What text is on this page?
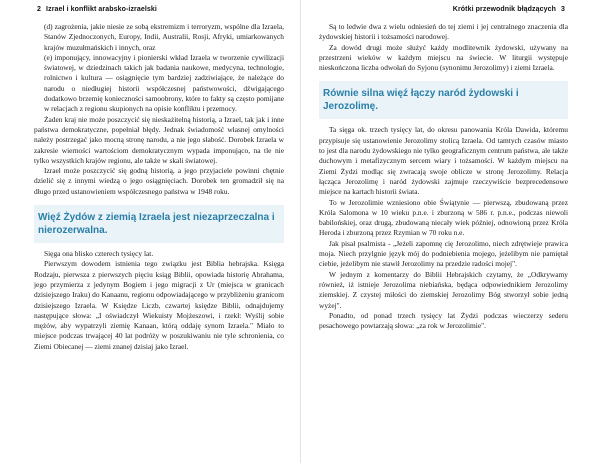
2 Izrael i konflikt arabsko-izraelski

(d) zagrożenia, jakie niesie ze sobą ekstremizm i terroryzm, wspólne dla Izraela, Stanów Zjednoczonych, Europy, Indii, Australii, Rosji, Afryki, umiarkowanych krajów muzułmańskich i innych, oraz

(e) imponujący, innowacyjny i pionierski wkład Izraela w tworzenie cywilizacji światowej, w dziedzinach takich jak badania naukowe, medycyna, technologie, rolnictwo i kultura — osiągnięcie tym bardziej zadziwiające, że należące do narodu o niedługiej historii współczesnej państwowości, dźwigającego dodatkowo brzemię konieczności samoobrony, które to fakty są często pomijane w relacjach z regionu skupionych na opisie konfliktu i przemocy.

Żaden kraj nie może poszczycić się nieskażitelną historią, a Izrael, tak jak i inne państwa demokratyczne, popełniał błędy. Jednak świadomość własnej omylności należy postrzegać jako mocną stronę narodu, a nie jego słabość. Dorobek Izraela w zakresie wierności wartościom demokratycznym wypada imponująco, na tle nie tylko wszystkich krajów regionu, ale także w skali światowej.

Izrael może poszczycić się godną historią, a jego przyjaciele powinni chętnie dzielić się z innymi wiedzą o jego osiągnięciach. Dorobek ten gromadził się na długo przed ustanowieniem współczesnego państwa w 1948 roku.

Więź Żydów z ziemią Izraela jest niezaprzeczalna i nierozerwalna.

Sięga ona blisko czterech tysięcy lat.

Pierwszym dowodem istnienia tego związku jest Biblia hebrajska. Księga Rodzaju, pierwsza z pierwszych pięciu ksiąg Biblii, opowiada historię Abrahama, jego przymierza z jedynym Bogiem i jego migracji z Ur (miejsca w granicach dzisiejszego Iraku) do Kanaanu, regionu odpowiadającego w przybliżeniu granicom dzisiejszego Izraela. W Księdze Liczb, czwartej księdze Biblii, odnajdujemy następujące słowa: „I oświadczył Wiekuisty Mojżeszowi, i rzekł: Wyślij sobie mężów, aby wypatrzyli ziemię Kanaan, którą oddaję synom Izraela." Miało to miejsce podczas trwającej 40 lat podróży w poszukiwaniu nie tyle schronienia, co Ziemi Obiecanej — ziemi znanej dzisiaj jako Izrael.

Krótki przewodnik błądzących 3

Są to ledwie dwa z wielu odniesień do tej ziemi i jej centralnego znaczenia dla żydowskiej historii i tożsamości narodowej.

Za dowód drugi może służyć każdy modlitewnik żydowski, używany na przestrzeni wieków w każdym miejscu na świecie. W liturgii występuje nieskończona liczba odwołań do Syjonu (synonimu Jerozolimy) i ziemi Izraela.

Równie silna więź łączy naród żydowski i Jerozolimę.

Ta sięga ok. trzech tysięcy lat, do okresu panowania Króla Dawida, któremu przypisuje się ustanowienie Jerozolimy stolicą Izraela. Od tamtych czasów miasto to jest dla narodu żydowskiego nie tylko geograficznym centrum państwa, ale także duchowym i metafizycznym sercem wiary i tożsamości. W każdym miejscu na Ziemi Żydzi modląc się zwracają swoje oblicze w stronę Jerozolimy. Relacja łącząca Jerozolimę i naród żydowski zajmuje rzeczywiście bezprecedensowe miejsce na kartach historii świata.

To w Jerozolimie wzniesiono obie Świątynie — pierwszą, zbudowaną przez Króla Salomona w 10 wieku p.n.e. i zburzoną w 586 r. p.n.e., podczas niewoli babilońskiej, oraz drugą, zbudowaną niecały wiek później, odnowioną przez Króla Heroda i zburzoną przez Rzymian w 70 roku n.e.

Jak pisał psalmista - „Jeżeli zapomnę cię Jerozolimo, niech zdrętwieje prawica moja. Niech przylgnie język mój do podniebienia mojego, jeżelibym nie pamiętał ciebie, jeżelibym nie stawił Jerozolimy na przedzie radości mojej".

W jednym z komentarzy do Biblii Hebrajskich czytamy, że „Odkrywamy również, iż istnieje Jerozolima niebiańska, będąca odpowiednikiem Jerozolimy ziemskiej. Z czystej miłości do ziemskiej Jerozolimy Bóg stworzył sobie jedną wyżej".

Ponadto, od ponad trzech tysięcy lat Żydzi podczas wieczerzy sederu pesachowego powtarzają słowa: „za rok w Jerozolimie".
